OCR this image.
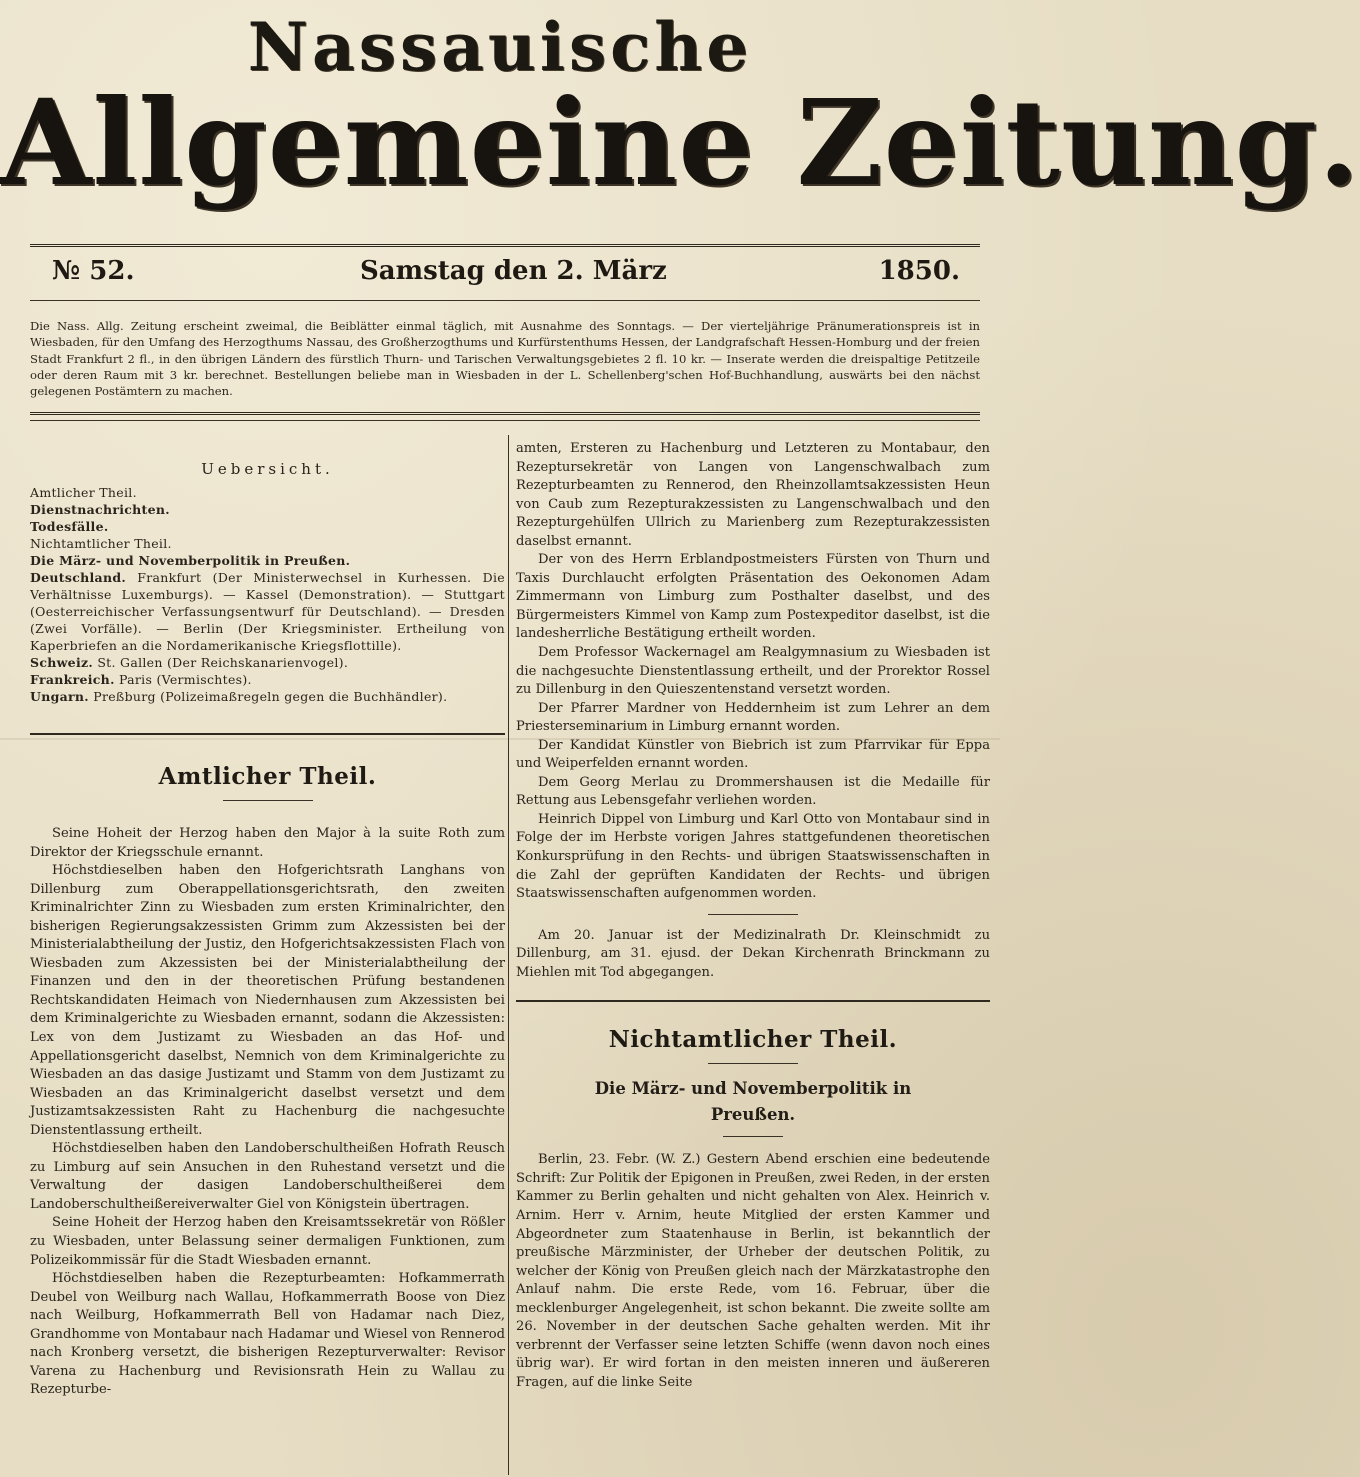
Nassauische
Allgemeine Zeitung.
№ 52.	Samstag den 2. März	1850.
Die Nass. Allg. Zeitung erscheint zweimal, die Beiblätter einmal täglich, mit Ausnahme des Sonntags. — Der vierteljährige Pränumerationspreis ist in Wiesbaden, für den Umfang des Herzogthums Nassau, des Großherzogthums und Kurfürstenthums Hessen, der Landgrafschaft Hessen-Homburg und der freien Stadt Frankfurt 2 fl., in den übrigen Ländern des fürstlich Thurn- und Tarischen Verwaltungsgebietes 2 fl. 10 kr. — Inserate werden die dreispaltige Petitzeile oder deren Raum mit 3 kr. berechnet. Bestellungen beliebe man in Wiesbaden in der L. Schellenberg'schen Hof-Buchhandlung, auswärts bei den nächst gelegenen Postämtern zu machen.
Uebersicht.
Amtlicher Theil.
Dienstnachrichten.
Todesfälle.
Nichtamtlicher Theil.
Die März- und Novemberpolitik in Preußen.
Deutschland. Frankfurt (Der Ministerwechsel in Kurhessen. Die Verhältnisse Luxemburgs). — Kassel (Demonstration). — Stuttgart (Oesterreichischer Verfassungsentwurf für Deutschland). — Dresden (Zwei Vorfälle). — Berlin (Der Kriegsminister. Ertheilung von Kaperbriefen an die Nordamerikanische Kriegsflottille).
Schweiz. St. Gallen (Der Reichskanarienvogel).
Frankreich. Paris (Vermischtes).
Ungarn. Preßburg (Polizeimaßregeln gegen die Buchhändler).
Amtlicher Theil.

Seine Hoheit der Herzog haben den Major à la suite Roth zum Direktor der Kriegsschule ernannt.

Höchstdieselben haben den Hofgerichtsrath Langhans von Dillenburg zum Oberappellationsgerichtsrath, den zweiten Kriminalrichter Zinn zu Wiesbaden zum ersten Kriminalrichter, den bisherigen Regierungsakzessisten Grimm zum Akzessisten bei der Ministerialabtheilung der Justiz, den Hofgerichtsakzessisten Flach von Wiesbaden zum Akzessisten bei der Ministerialabtheilung der Finanzen und den in der theoretischen Prüfung bestandenen Rechtskandidaten Heimach von Niedernhausen zum Akzessisten bei dem Kriminalgerichte zu Wiesbaden ernannt, sodann die Akzessisten: Lex von dem Justizamt zu Wiesbaden an das Hof- und Appellationsgericht daselbst, Nemnich von dem Kriminalgerichte zu Wiesbaden an das dasige Justizamt und Stamm von dem Justizamt zu Wiesbaden an das Kriminalgericht daselbst versetzt und dem Justizamtsakzessisten Raht zu Hachenburg die nachgesuchte Dienstentlassung ertheilt.

Höchstdieselben haben den Landoberschultheißen Hofrath Reusch zu Limburg auf sein Ansuchen in den Ruhestand versetzt und die Verwaltung der dasigen Landoberschultheißerei dem Landoberschultheißereiverwalter Giel von Königstein übertragen.

Seine Hoheit der Herzog haben den Kreisamtssekretär von Rößler zu Wiesbaden, unter Belassung seiner dermaligen Funktionen, zum Polizeikommissär für die Stadt Wiesbaden ernannt.

Höchstdieselben haben die Rezepturbeamten: Hofkammerrath Deubel von Weilburg nach Wallau, Hofkammerrath Boose von Diez nach Weilburg, Hofkammerrath Bell von Hadamar nach Diez, Grandhomme von Montabaur nach Hadamar und Wiesel von Rennerod nach Kronberg versetzt, die bisherigen Rezepturverwalter: Revisor Varena zu Hachenburg und Revisionsrath Hein zu Wallau zu Rezepturbe-

amten, Ersteren zu Hachenburg und Letzteren zu Montabaur, den Rezeptursekretär von Langen von Langenschwalbach zum Rezepturbeamten zu Rennerod, den Rheinzollamtsakzessisten Heun von Caub zum Rezepturakzessisten zu Langenschwalbach und den Rezepturgehülfen Ullrich zu Marienberg zum Rezepturakzessisten daselbst ernannt.

Der von des Herrn Erblandpostmeisters Fürsten von Thurn und Taxis Durchlaucht erfolgten Präsentation des Oekonomen Adam Zimmermann von Limburg zum Posthalter daselbst, und des Bürgermeisters Kimmel von Kamp zum Postexpeditor daselbst, ist die landesherrliche Bestätigung ertheilt worden.

Dem Professor Wackernagel am Realgymnasium zu Wiesbaden ist die nachgesuchte Dienstentlassung ertheilt, und der Prorektor Rossel zu Dillenburg in den Quieszentenstand versetzt worden.

Der Pfarrer Mardner von Heddernheim ist zum Lehrer an dem Priesterseminarium in Limburg ernannt worden.

Der Kandidat Künstler von Biebrich ist zum Pfarrvikar für Eppa und Weiperfelden ernannt worden.

Dem Georg Merlau zu Drommershausen ist die Medaille für Rettung aus Lebensgefahr verliehen worden.

Heinrich Dippel von Limburg und Karl Otto von Montabaur sind in Folge der im Herbste vorigen Jahres stattgefundenen theoretischen Konkursprüfung in den Rechts- und übrigen Staatswissenschaften in die Zahl der geprüften Kandidaten der Rechts- und übrigen Staatswissenschaften aufgenommen worden.

Am 20. Januar ist der Medizinalrath Dr. Kleinschmidt zu Dillenburg, am 31. ejusd. der Dekan Kirchenrath Brinckmann zu Miehlen mit Tod abgegangen.

Nichtamtlicher Theil.
Die März- und Novemberpolitik in
Preußen.

Berlin, 23. Febr. (W. Z.) Gestern Abend erschien eine bedeutende Schrift: Zur Politik der Epigonen in Preußen, zwei Reden, in der ersten Kammer zu Berlin gehalten und nicht gehalten von Alex. Heinrich v. Arnim. Herr v. Arnim, heute Mitglied der ersten Kammer und Abgeordneter zum Staatenhause in Berlin, ist bekanntlich der preußische Märzminister, der Urheber der deutschen Politik, zu welcher der König von Preußen gleich nach der Märzkatastrophe den Anlauf nahm. Die erste Rede, vom 16. Februar, über die mecklenburger Angelegenheit, ist schon bekannt. Die zweite sollte am 26. November in der deutschen Sache gehalten werden. Mit ihr verbrennt der Verfasser seine letzten Schiffe (wenn davon noch eines übrig war). Er wird fortan in den meisten inneren und äußereren Fragen, auf die linke Seite
